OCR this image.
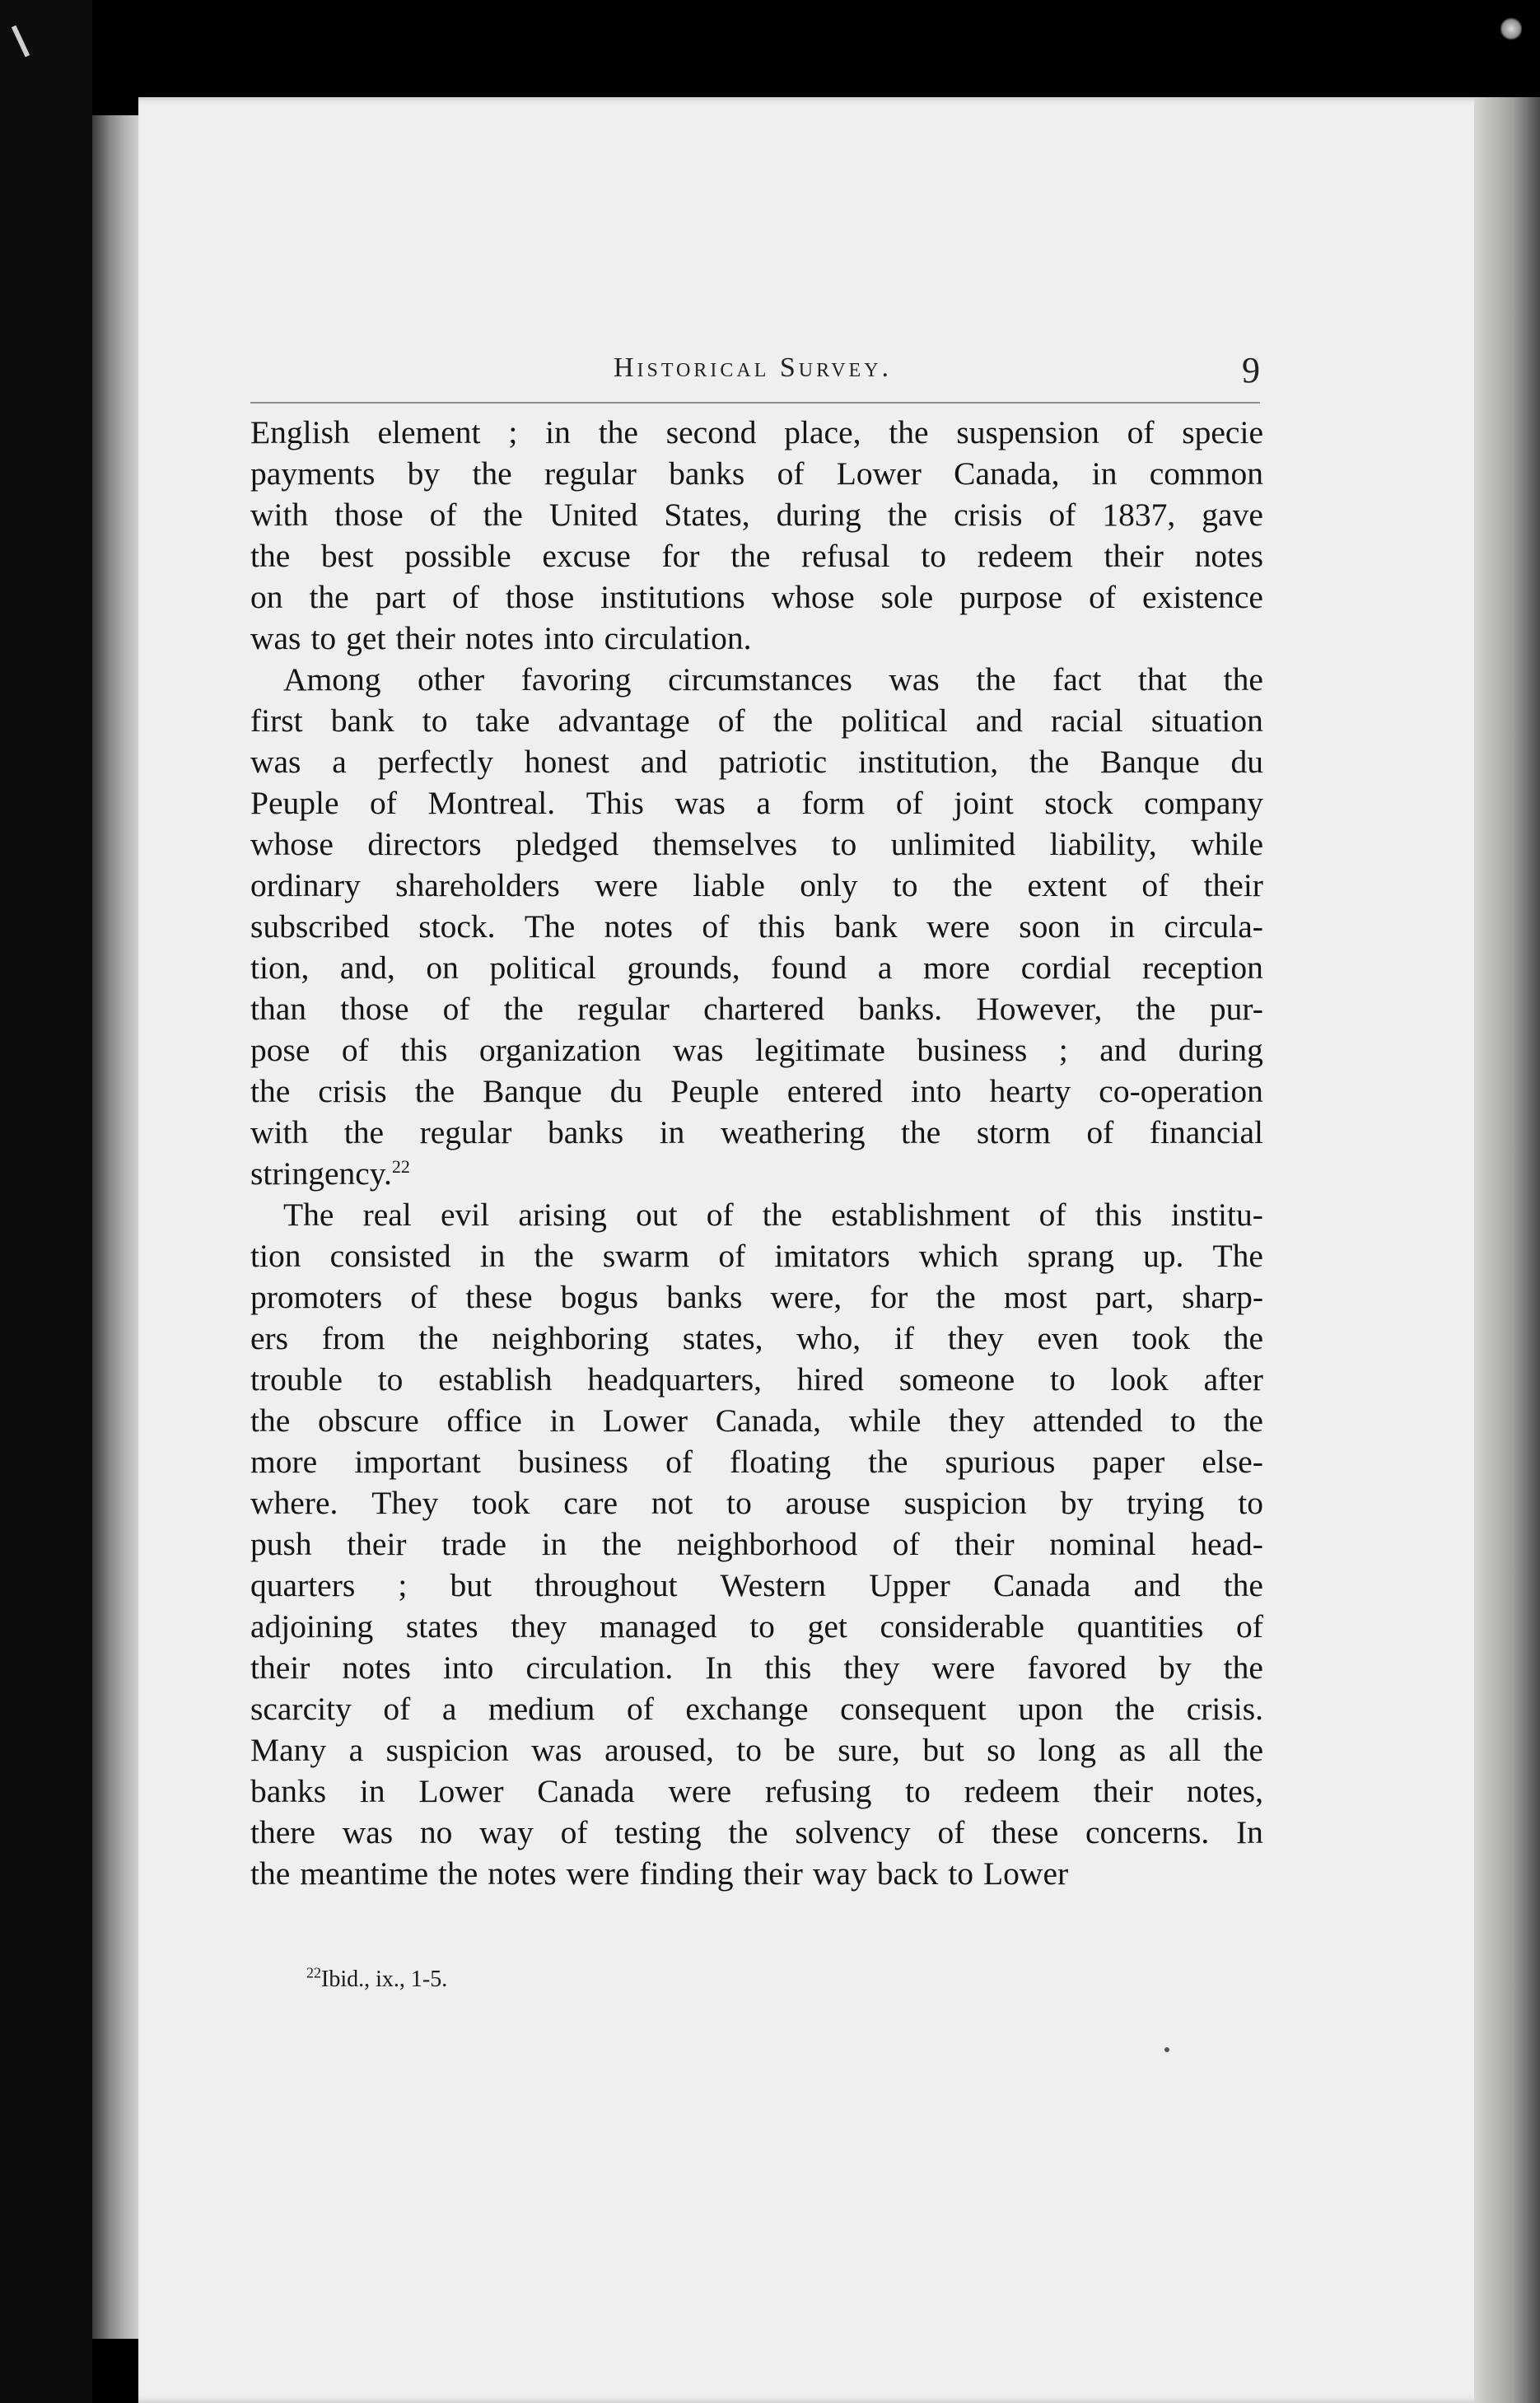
Historical Survey.	9
English element ; in the second place, the suspension of specie
payments by the regular banks of Lower Canada, in common
with those of the United States, during the crisis of 1837, gave
the best possible excuse for the refusal to redeem their notes
on the part of those institutions whose sole purpose of existence
was to get their notes into circulation.
Among other favoring circumstances was the fact that the
first bank to take advantage of the political and racial situation
was a perfectly honest and patriotic institution, the Banque du
Peuple of Montreal. This was a form of joint stock company
whose directors pledged themselves to unlimited liability, while
ordinary shareholders were liable only to the extent of their
subscribed stock. The notes of this bank were soon in circula-
tion, and, on political grounds, found a more cordial reception
than those of the regular chartered banks. However, the pur-
pose of this organization was legitimate business ; and during
the crisis the Banque du Peuple entered into hearty co-operation
with the regular banks in weathering the storm of financial
stringency.$^{22}$
The real evil arising out of the establishment of this institu-
tion consisted in the swarm of imitators which sprang up. The
promoters of these bogus banks were, for the most part, sharp-
ers from the neighboring states, who, if they even took the
trouble to establish headquarters, hired someone to look after
the obscure office in Lower Canada, while they attended to the
more important business of floating the spurious paper else-
where. They took care not to arouse suspicion by trying to
push their trade in the neighborhood of their nominal head-
quarters ; but throughout Western Upper Canada and the
adjoining states they managed to get considerable quantities of
their notes into circulation. In this they were favored by the
scarcity of a medium of exchange consequent upon the crisis.
Many a suspicion was aroused, to be sure, but so long as all the
banks in Lower Canada were refusing to redeem their notes,
there was no way of testing the solvency of these concerns. In
the meantime the notes were finding their way back to Lower
$^{22}$Ibid., ix., 1-5.
